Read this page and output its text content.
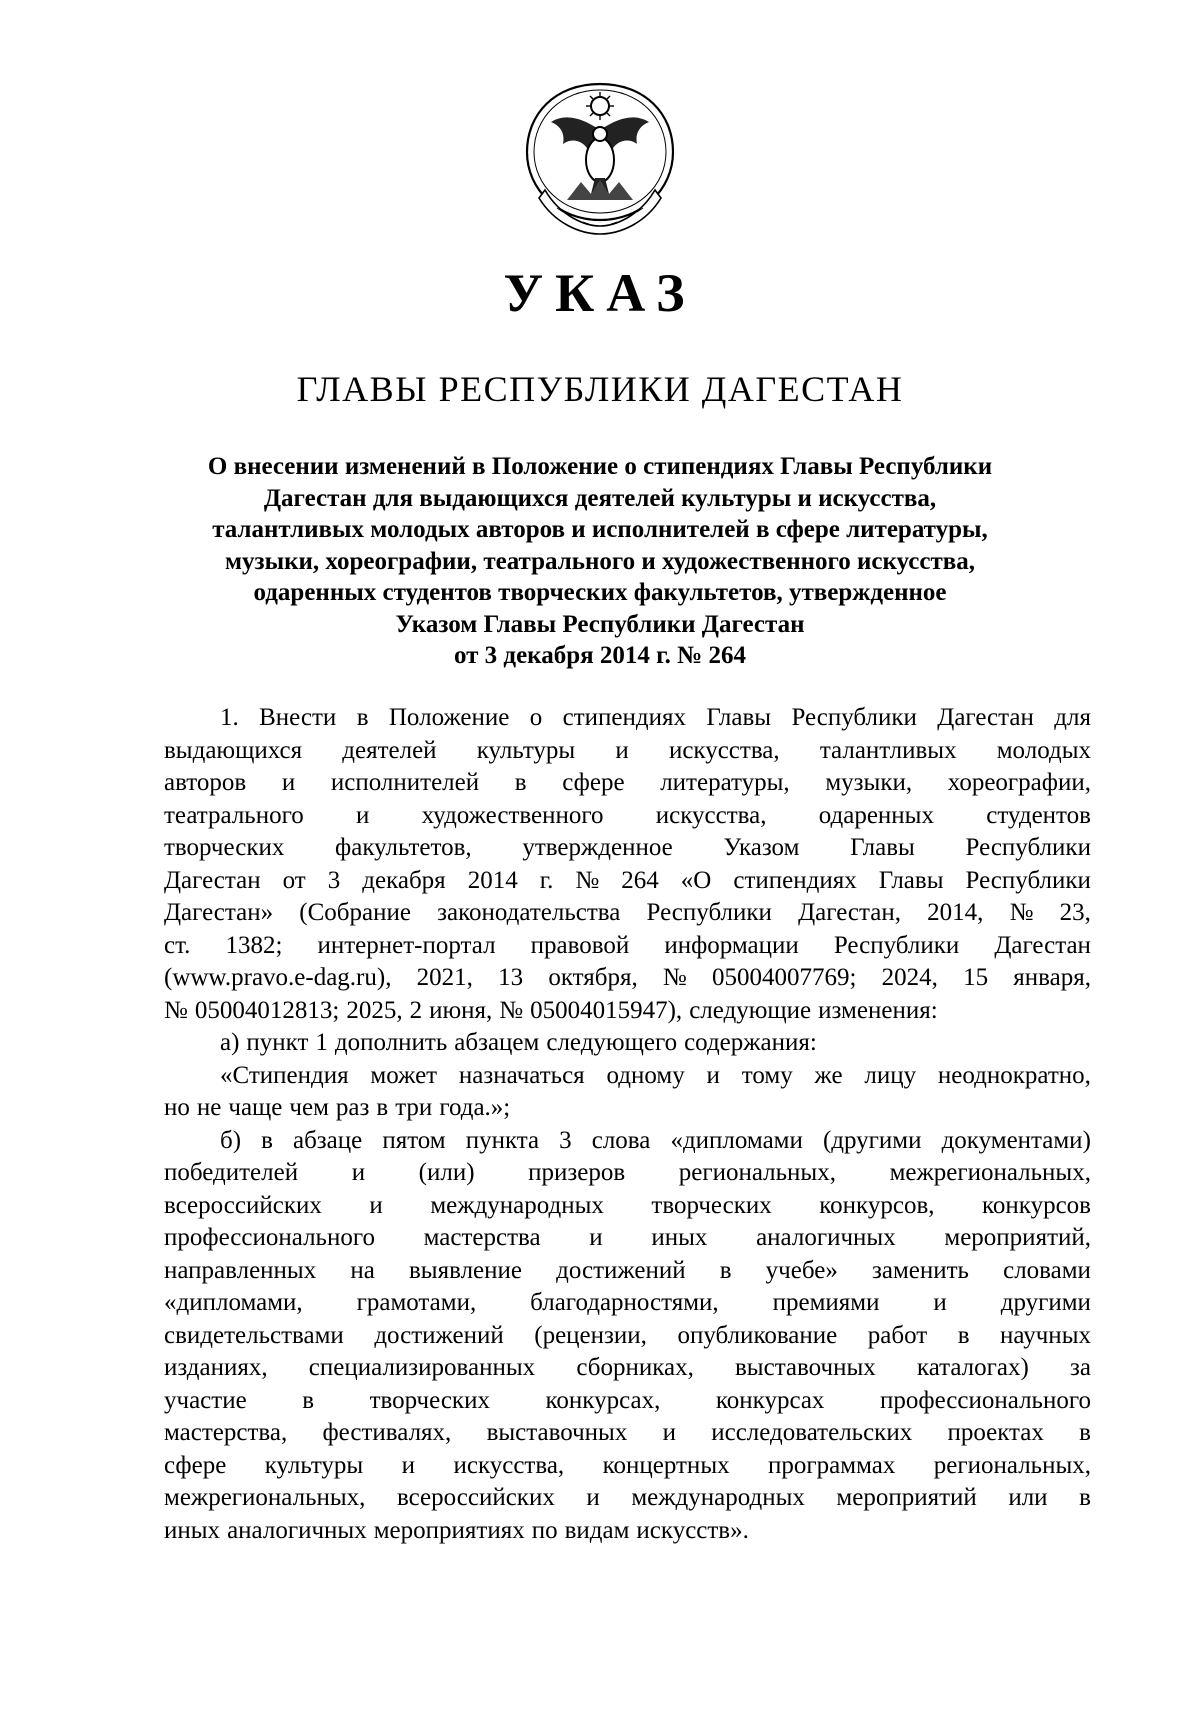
УКАЗ
ГЛАВЫ РЕСПУБЛИКИ ДАГЕСТАН
О внесении изменений в Положение о стипендиях Главы Республики
Дагестан для выдающихся деятелей культуры и искусства,
талантливых молодых авторов и исполнителей в сфере литературы,
музыки, хореографии, театрального и художественного искусства,
одаренных студентов творческих факультетов, утвержденное
Указом Главы Республики Дагестан
от 3 декабря 2014 г. № 264
1. Внести в Положение о стипендиях Главы Республики Дагестан для
выдающихся деятелей культуры и искусства, талантливых молодых
авторов и исполнителей в сфере литературы, музыки, хореографии,
театрального и художественного искусства, одаренных студентов
творческих факультетов, утвержденное Указом Главы Республики
Дагестан от 3 декабря 2014 г. № 264 «О стипендиях Главы Республики
Дагестан» (Собрание законодательства Республики Дагестан, 2014, № 23,
ст. 1382; интернет-портал правовой информации Республики Дагестан
(www.pravo.e-dag.ru), 2021, 13 октября, № 05004007769; 2024, 15 января,
№ 05004012813; 2025, 2 июня, № 05004015947), следующие изменения:
а) пункт 1 дополнить абзацем следующего содержания:
«Стипендия может назначаться одному и тому же лицу неоднократно,
но не чаще чем раз в три года.»;
б) в абзаце пятом пункта 3 слова «дипломами (другими документами)
победителей и (или) призеров региональных, межрегиональных,
всероссийских и международных творческих конкурсов, конкурсов
профессионального мастерства и иных аналогичных мероприятий,
направленных на выявление достижений в учебе» заменить словами
«дипломами, грамотами, благодарностями, премиями и другими
свидетельствами достижений (рецензии, опубликование работ в научных
изданиях, специализированных сборниках, выставочных каталогах) за
участие в творческих конкурсах, конкурсах профессионального
мастерства, фестивалях, выставочных и исследовательских проектах в
сфере культуры и искусства, концертных программах региональных,
межрегиональных, всероссийских и международных мероприятий или в
иных аналогичных мероприятиях по видам искусств».
